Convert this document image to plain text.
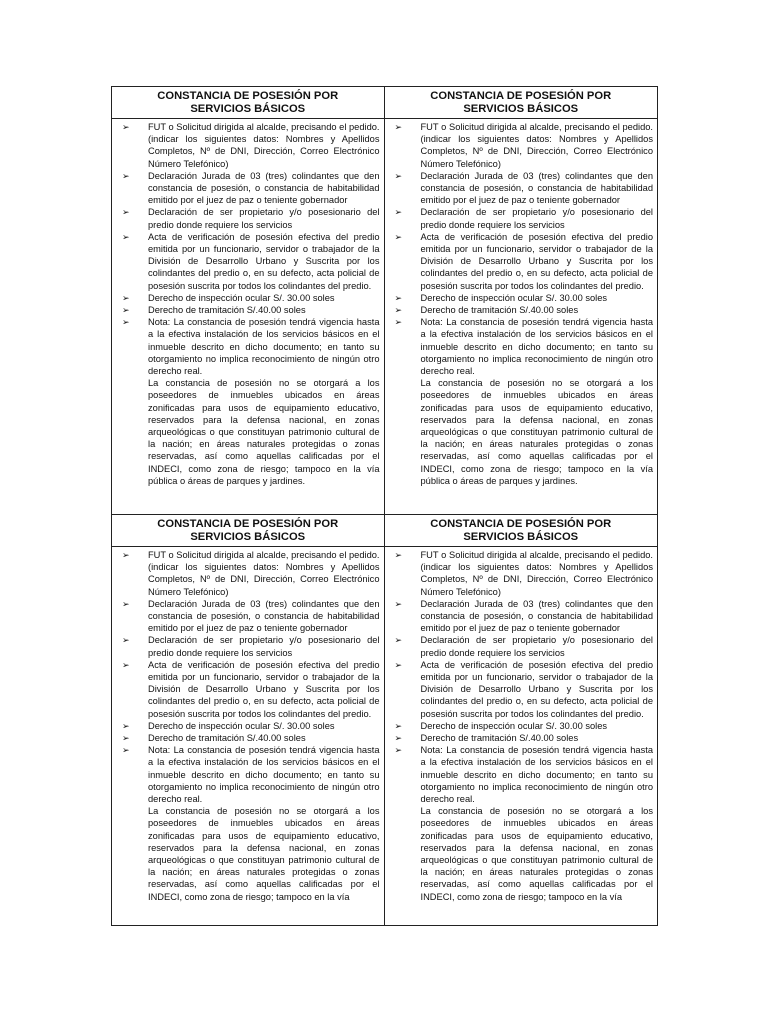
CONSTANCIA DE POSESIÓN POR SERVICIOS BÁSICOS
➢ FUT o Solicitud dirigida al alcalde, precisando el pedido. (indicar los siguientes datos: Nombres y Apellidos Completos, Nº de DNI, Dirección, Correo Electrónico Número Telefónico)
➢ Declaración Jurada de 03 (tres) colindantes que den constancia de posesión, o constancia de habitabilidad emitido por el juez de paz o teniente gobernador
➢ Declaración de ser propietario y/o posesionario del predio donde requiere los servicios
➢ Acta de verificación de posesión efectiva del predio emitida por un funcionario, servidor o trabajador de la División de Desarrollo Urbano y Suscrita por los colindantes del predio o, en su defecto, acta policial de posesión suscrita por todos los colindantes del predio.
➢ Derecho de inspección ocular S/. 30.00 soles
➢ Derecho de tramitación S/.40.00 soles
➢ Nota: La constancia de posesión tendrá vigencia hasta a la efectiva instalación de los servicios básicos en el inmueble descrito en dicho documento; en tanto su otorgamiento no implica reconocimiento de ningún otro derecho real.
La constancia de posesión no se otorgará a los poseedores de inmuebles ubicados en áreas zonificadas para usos de equipamiento educativo, reservados para la defensa nacional, en zonas arqueológicas o que constituyan patrimonio cultural de la nación; en áreas naturales protegidas o zonas reservadas, así como aquellas calificadas por el INDECI, como zona de riesgo; tampoco en la vía pública o áreas de parques y jardines.
CONSTANCIA DE POSESIÓN POR SERVICIOS BÁSICOS
➢ FUT o Solicitud dirigida al alcalde, precisando el pedido. (indicar los siguientes datos: Nombres y Apellidos Completos, Nº de DNI, Dirección, Correo Electrónico Número Telefónico)
➢ Declaración Jurada de 03 (tres) colindantes que den constancia de posesión, o constancia de habitabilidad emitido por el juez de paz o teniente gobernador
➢ Declaración de ser propietario y/o posesionario del predio donde requiere los servicios
➢ Acta de verificación de posesión efectiva del predio emitida por un funcionario, servidor o trabajador de la División de Desarrollo Urbano y Suscrita por los colindantes del predio o, en su defecto, acta policial de posesión suscrita por todos los colindantes del predio.
➢ Derecho de inspección ocular S/. 30.00 soles
➢ Derecho de tramitación S/.40.00 soles
➢ Nota: La constancia de posesión tendrá vigencia hasta a la efectiva instalación de los servicios básicos en el inmueble descrito en dicho documento; en tanto su otorgamiento no implica reconocimiento de ningún otro derecho real.
La constancia de posesión no se otorgará a los poseedores de inmuebles ubicados en áreas zonificadas para usos de equipamiento educativo, reservados para la defensa nacional, en zonas arqueológicas o que constituyan patrimonio cultural de la nación; en áreas naturales protegidas o zonas reservadas, así como aquellas calificadas por el INDECI, como zona de riesgo; tampoco en la vía pública o áreas de parques y jardines.
CONSTANCIA DE POSESIÓN POR SERVICIOS BÁSICOS
➢ FUT o Solicitud dirigida al alcalde, precisando el pedido. (indicar los siguientes datos: Nombres y Apellidos Completos, Nº de DNI, Dirección, Correo Electrónico Número Telefónico)
➢ Declaración Jurada de 03 (tres) colindantes que den constancia de posesión, o constancia de habitabilidad emitido por el juez de paz o teniente gobernador
➢ Declaración de ser propietario y/o posesionario del predio donde requiere los servicios
➢ Acta de verificación de posesión efectiva del predio emitida por un funcionario, servidor o trabajador de la División de Desarrollo Urbano y Suscrita por los colindantes del predio o, en su defecto, acta policial de posesión suscrita por todos los colindantes del predio.
➢ Derecho de inspección ocular S/. 30.00 soles
➢ Derecho de tramitación S/.40.00 soles
➢ Nota: La constancia de posesión tendrá vigencia hasta a la efectiva instalación de los servicios básicos en el inmueble descrito en dicho documento; en tanto su otorgamiento no implica reconocimiento de ningún otro derecho real.
La constancia de posesión no se otorgará a los poseedores de inmuebles ubicados en áreas zonificadas para usos de equipamiento educativo, reservados para la defensa nacional, en zonas arqueológicas o que constituyan patrimonio cultural de la nación; en áreas naturales protegidas o zonas reservadas, así como aquellas calificadas por el INDECI, como zona de riesgo; tampoco en la vía
CONSTANCIA DE POSESIÓN POR SERVICIOS BÁSICOS
➢ FUT o Solicitud dirigida al alcalde, precisando el pedido. (indicar los siguientes datos: Nombres y Apellidos Completos, Nº de DNI, Dirección, Correo Electrónico Número Telefónico)
➢ Declaración Jurada de 03 (tres) colindantes que den constancia de posesión, o constancia de habitabilidad emitido por el juez de paz o teniente gobernador
➢ Declaración de ser propietario y/o posesionario del predio donde requiere los servicios
➢ Acta de verificación de posesión efectiva del predio emitida por un funcionario, servidor o trabajador de la División de Desarrollo Urbano y Suscrita por los colindantes del predio o, en su defecto, acta policial de posesión suscrita por todos los colindantes del predio.
➢ Derecho de inspección ocular S/. 30.00 soles
➢ Derecho de tramitación S/.40.00 soles
➢ Nota: La constancia de posesión tendrá vigencia hasta a la efectiva instalación de los servicios básicos en el inmueble descrito en dicho documento; en tanto su otorgamiento no implica reconocimiento de ningún otro derecho real.
La constancia de posesión no se otorgará a los poseedores de inmuebles ubicados en áreas zonificadas para usos de equipamiento educativo, reservados para la defensa nacional, en zonas arqueológicas o que constituyan patrimonio cultural de la nación; en áreas naturales protegidas o zonas reservadas, así como aquellas calificadas por el INDECI, como zona de riesgo; tampoco en la vía
